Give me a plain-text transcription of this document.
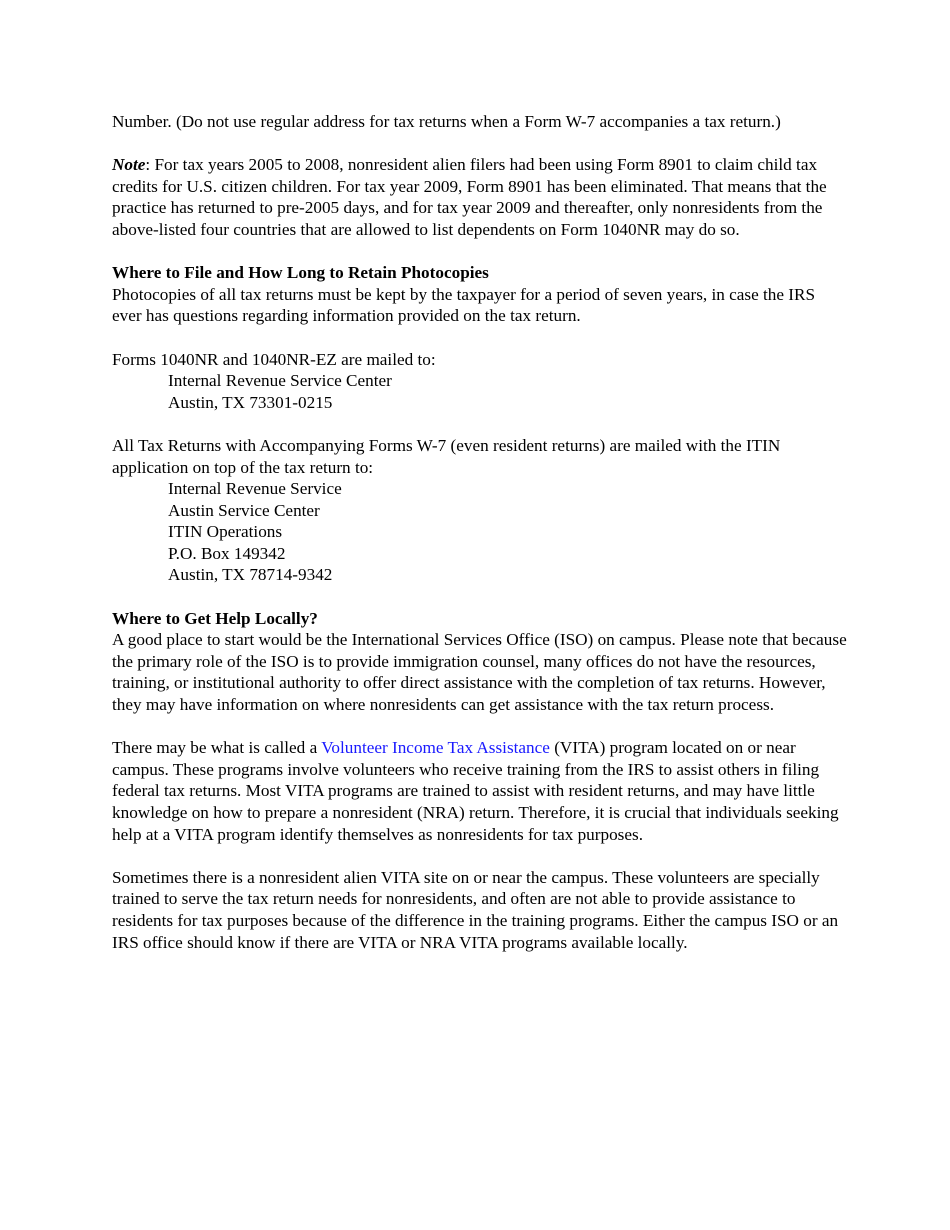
Number. (Do not use regular address for tax returns when a Form W-7 accompanies a tax return.)

Note: For tax years 2005 to 2008, nonresident alien filers had been using Form 8901 to claim child tax credits for U.S. citizen children. For tax year 2009, Form 8901 has been eliminated. That means that the practice has returned to pre-2005 days, and for tax year 2009 and thereafter, only nonresidents from the above-listed four countries that are allowed to list dependents on Form 1040NR may do so.

Where to File and How Long to Retain Photocopies

Photocopies of all tax returns must be kept by the taxpayer for a period of seven years, in case the IRS ever has questions regarding information provided on the tax return.

Forms 1040NR and 1040NR-EZ are mailed to:
Internal Revenue Service Center
Austin, TX 73301-0215
All Tax Returns with Accompanying Forms W-7 (even resident returns) are mailed with the ITIN application on top of the tax return to:
Internal Revenue Service
Austin Service Center
ITIN Operations
P.O. Box 149342
Austin, TX 78714-9342

Where to Get Help Locally?

A good place to start would be the International Services Office (ISO) on campus. Please note that because the primary role of the ISO is to provide immigration counsel, many offices do not have the resources, training, or institutional authority to offer direct assistance with the completion of tax returns. However, they may have information on where nonresidents can get assistance with the tax return process.

There may be what is called a Volunteer Income Tax Assistance (VITA) program located on or near campus. These programs involve volunteers who receive training from the IRS to assist others in filing federal tax returns. Most VITA programs are trained to assist with resident returns, and may have little knowledge on how to prepare a nonresident (NRA) return. Therefore, it is crucial that individuals seeking help at a VITA program identify themselves as nonresidents for tax purposes.

Sometimes there is a nonresident alien VITA site on or near the campus. These volunteers are specially trained to serve the tax return needs for nonresidents, and often are not able to provide assistance to residents for tax purposes because of the difference in the training programs. Either the campus ISO or an IRS office should know if there are VITA or NRA VITA programs available locally.
